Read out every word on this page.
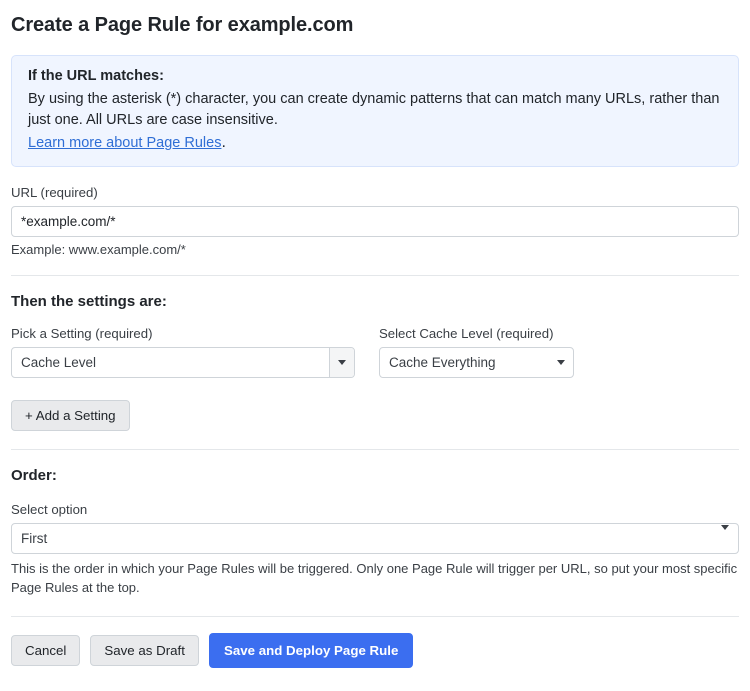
Create a Page Rule for example.com
If the URL matches:
By using the asterisk (*) character, you can create dynamic patterns that can match many URLs, rather than just one. All URLs are case insensitive.
Learn more about Page Rules.
URL (required)
*example.com/*
Example: www.example.com/*
Then the settings are:
Pick a Setting (required)
Cache Level
Select Cache Level (required)
Cache Everything
+ Add a Setting
Order:
Select option
First
This is the order in which your Page Rules will be triggered. Only one Page Rule will trigger per URL, so put your most specific Page Rules at the top.
Cancel	Save as Draft	Save and Deploy Page Rule
